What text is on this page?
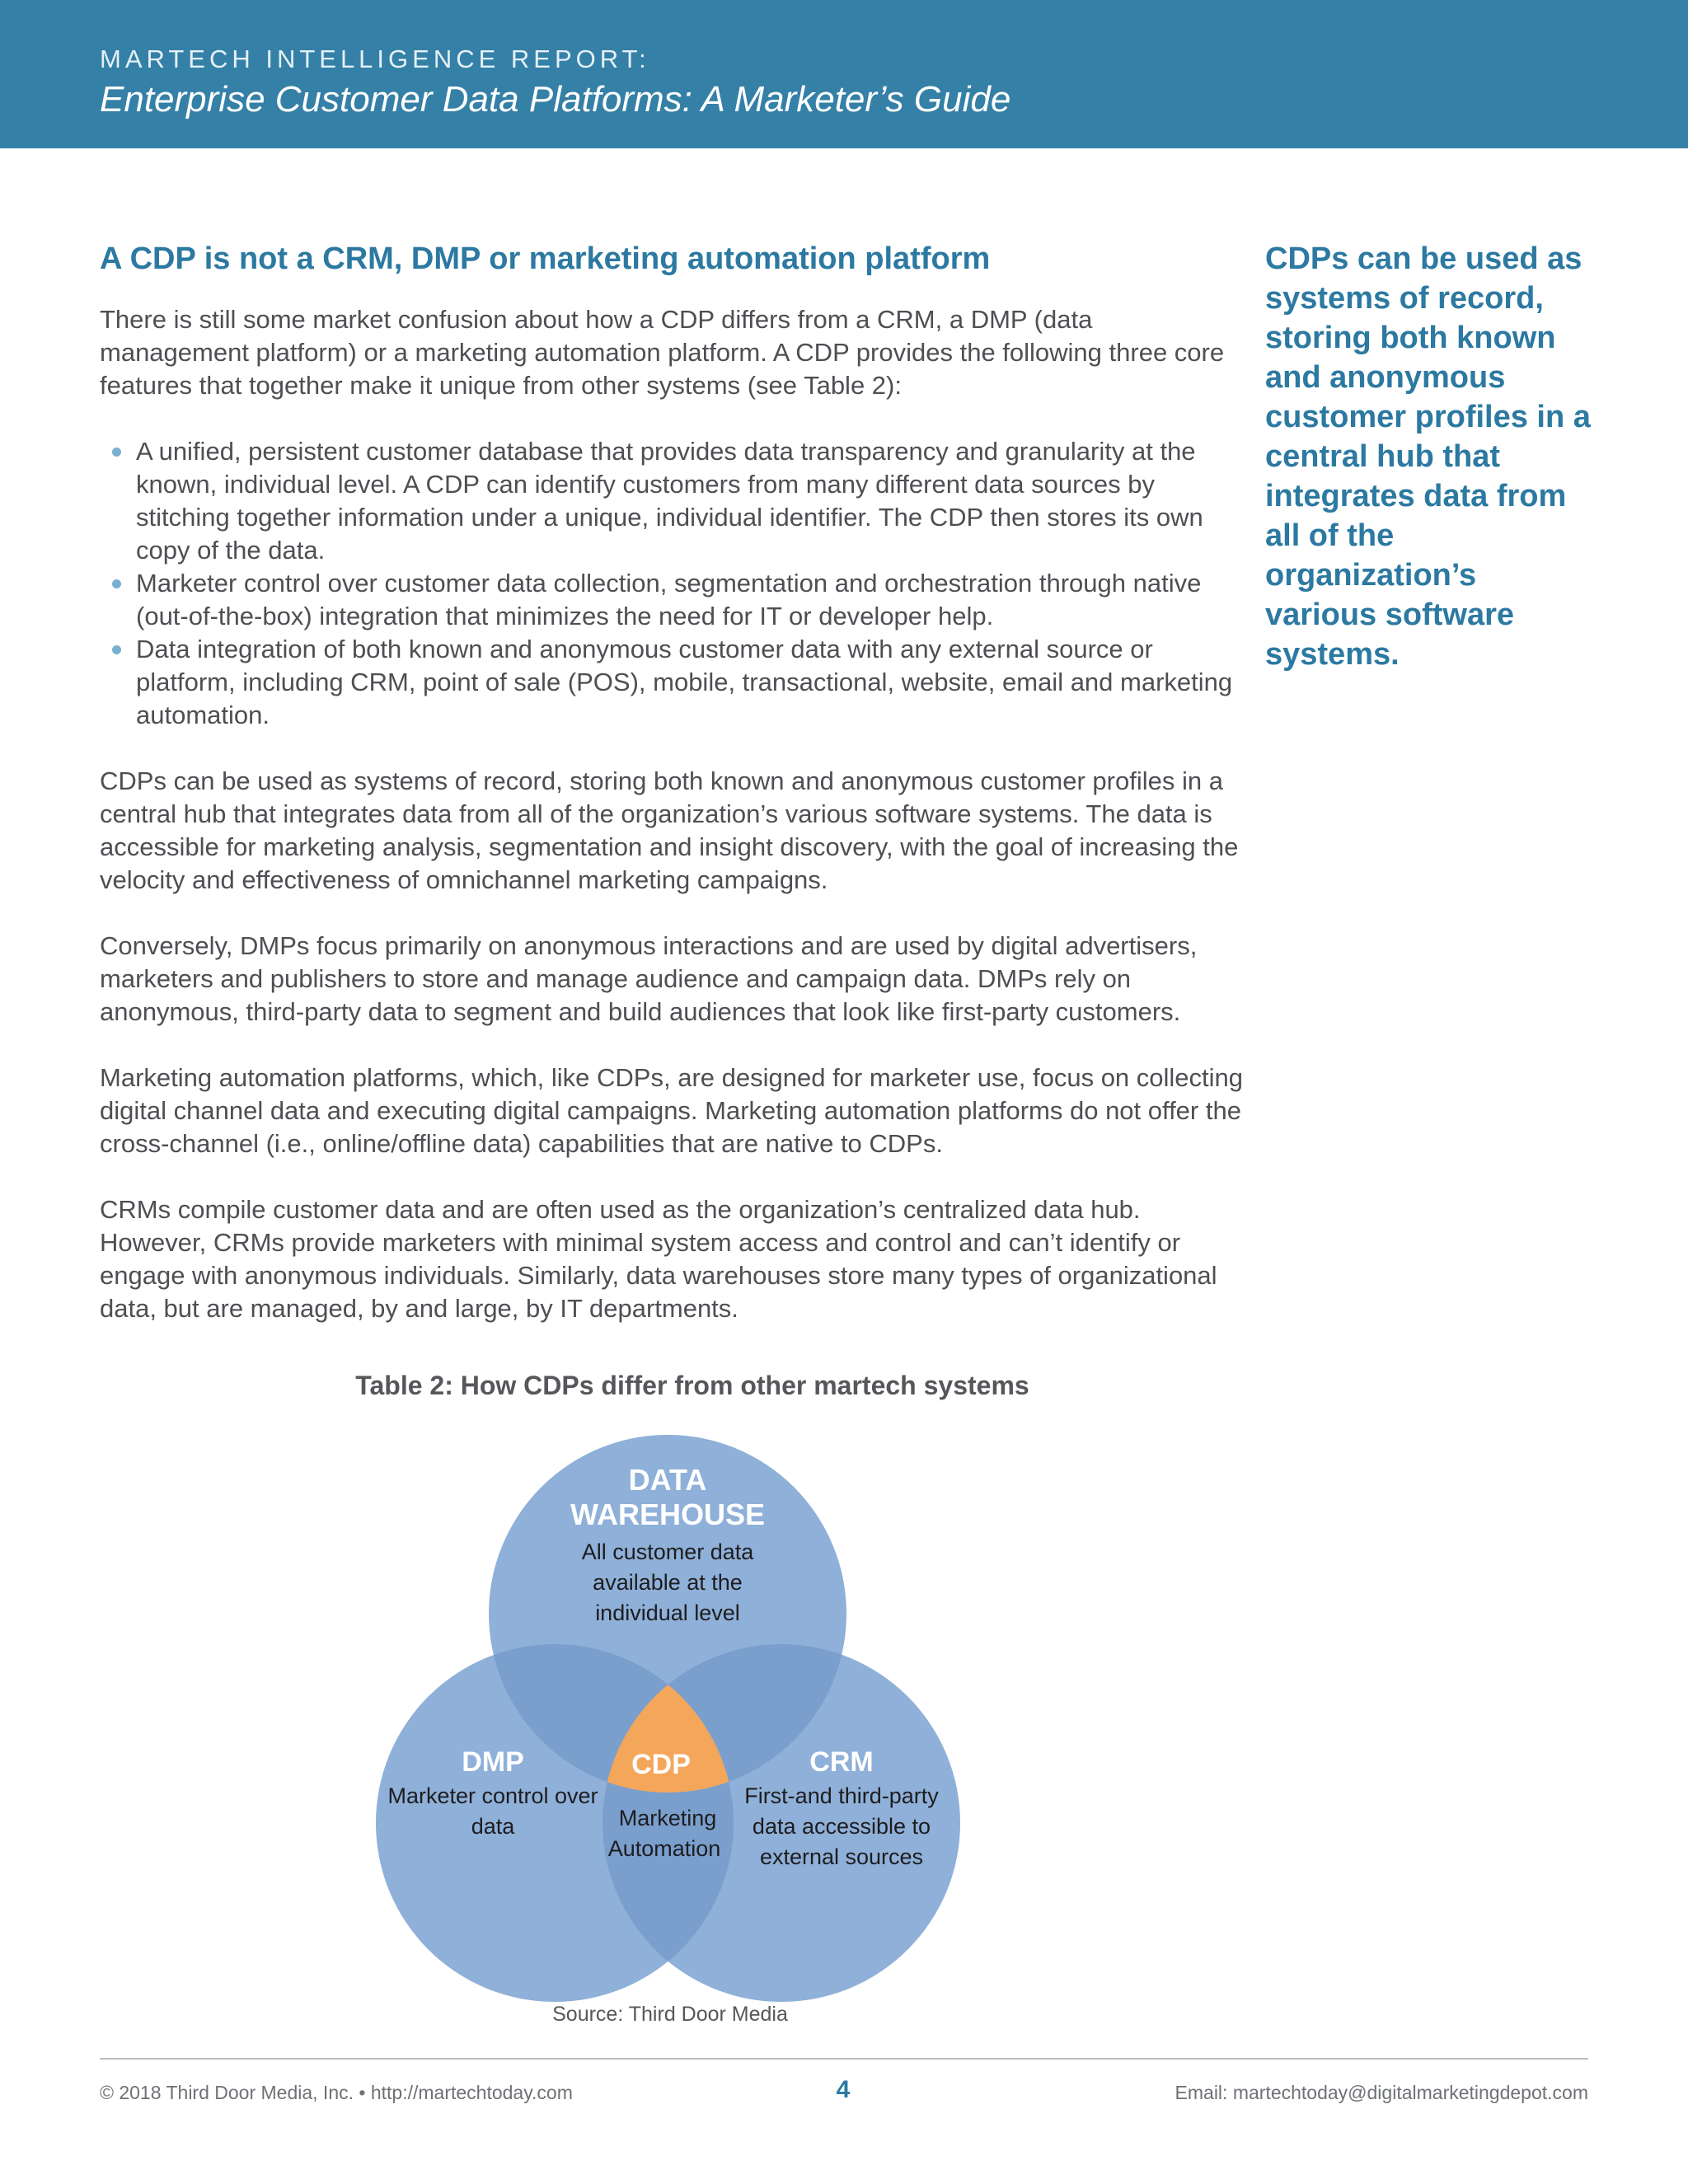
MARTECH INTELLIGENCE REPORT:
Enterprise Customer Data Platforms: A Marketer’s Guide
A CDP is not a CRM, DMP or marketing automation platform

There is still some market confusion about how a CDP differs from a CRM, a DMP (data management platform) or a marketing automation platform. A CDP provides the following three core features that together make it unique from other systems (see Table 2):

A unified, persistent customer database that provides data transparency and granularity at the known, individual level. A CDP can identify customers from many different data sources by stitching together information under a unique, individual identifier. The CDP then stores its own copy of the data.
Marketer control over customer data collection, segmentation and orchestration through native (out-of-the-box) integration that minimizes the need for IT or developer help.
Data integration of both known and anonymous customer data with any external source or platform, including CRM, point of sale (POS), mobile, transactional, website, email and marketing automation.

CDPs can be used as systems of record, storing both known and anonymous customer profiles in a central hub that integrates data from all of the organization’s various software systems. The data is accessible for marketing analysis, segmentation and insight discovery, with the goal of increasing the velocity and effectiveness of omnichannel marketing campaigns.

Conversely, DMPs focus primarily on anonymous interactions and are used by digital advertisers, marketers and publishers to store and manage audience and campaign data. DMPs rely on anonymous, third-party data to segment and build audiences that look like first-party customers.

Marketing automation platforms, which, like CDPs, are designed for marketer use, focus on collecting digital channel data and executing digital campaigns. Marketing automation platforms do not offer the cross-channel (i.e., online/offline data) capabilities that are native to CDPs.

CRMs compile customer data and are often used as the organization’s centralized data hub. However, CRMs provide marketers with minimal system access and control and can’t identify or engage with anonymous individuals. Similarly, data warehouses store many types of organizational data, but are managed, by and large, by IT departments.

CDPs can be used as systems of record, storing both known and anonymous customer profiles in a central hub that integrates data from all of the organization’s various software systems.
Table 2: How CDPs differ from other martech systems
DATA
WAREHOUSE
All customer data
available at the
individual level
DMP
Marketer control over
data
CRM
First-and third-party
data accessible to
external sources
CDP
Marketing
Automation
Source: Third Door Media
© 2018 Third Door Media, Inc. • http://martechtoday.com	4	Email: martechtoday@digitalmarketingdepot.com
